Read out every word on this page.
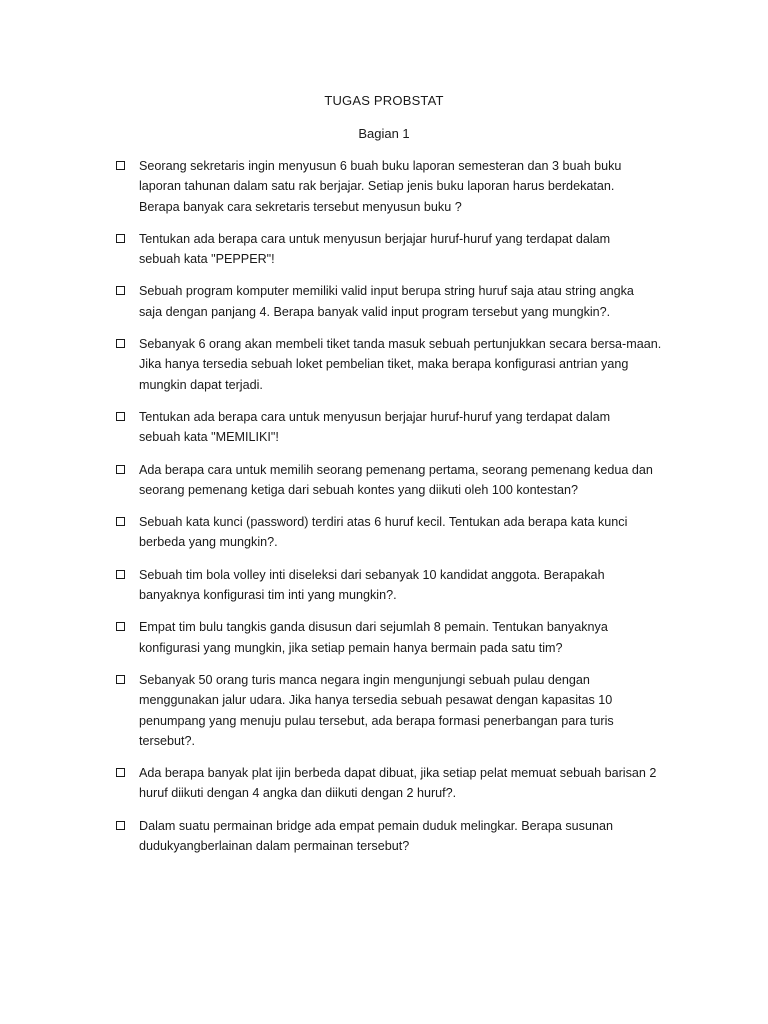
TUGAS PROBSTAT
Bagian 1
Seorang sekretaris ingin menyusun 6 buah buku laporan semesteran dan 3 buah buku
laporan tahunan dalam satu rak berjajar. Setiap jenis buku laporan harus berdekatan.
Berapa banyak cara sekretaris tersebut menyusun buku ?
Tentukan ada berapa cara untuk menyusun berjajar huruf-huruf yang terdapat dalam
sebuah kata "PEPPER"!
Sebuah program komputer memiliki valid input berupa string huruf saja atau string angka
saja dengan panjang 4. Berapa banyak valid input program tersebut yang mungkin?.
Sebanyak 6 orang akan membeli tiket tanda masuk sebuah pertunjukkan secara bersa-maan.
Jika hanya tersedia sebuah loket pembelian tiket, maka berapa konfigurasi antrian yang
mungkin dapat terjadi.
Tentukan ada berapa cara untuk menyusun berjajar huruf-huruf yang terdapat dalam
sebuah kata "MEMILIKI"!
Ada berapa cara untuk memilih seorang pemenang pertama, seorang pemenang kedua dan
seorang pemenang ketiga dari sebuah kontes yang diikuti oleh 100 kontestan?
Sebuah kata kunci (password) terdiri atas 6 huruf kecil. Tentukan ada berapa kata kunci
berbeda yang mungkin?.
Sebuah tim bola volley inti diseleksi dari sebanyak 10 kandidat anggota. Berapakah
banyaknya konfigurasi tim inti yang mungkin?.
Empat tim bulu tangkis ganda disusun dari sejumlah 8 pemain. Tentukan banyaknya
konfigurasi yang mungkin, jika setiap pemain hanya bermain pada satu tim?
Sebanyak 50 orang turis manca negara ingin mengunjungi sebuah pulau dengan
menggunakan jalur udara. Jika hanya tersedia sebuah pesawat dengan kapasitas 10
penumpang yang menuju pulau tersebut, ada berapa formasi penerbangan para turis
tersebut?.
Ada berapa banyak plat ijin berbeda dapat dibuat, jika setiap pelat memuat sebuah barisan 2
huruf diikuti dengan 4 angka dan diikuti dengan 2 huruf?.
Dalam suatu permainan bridge ada empat pemain duduk melingkar. Berapa susunan
dudukyangberlainan dalam permainan tersebut?
